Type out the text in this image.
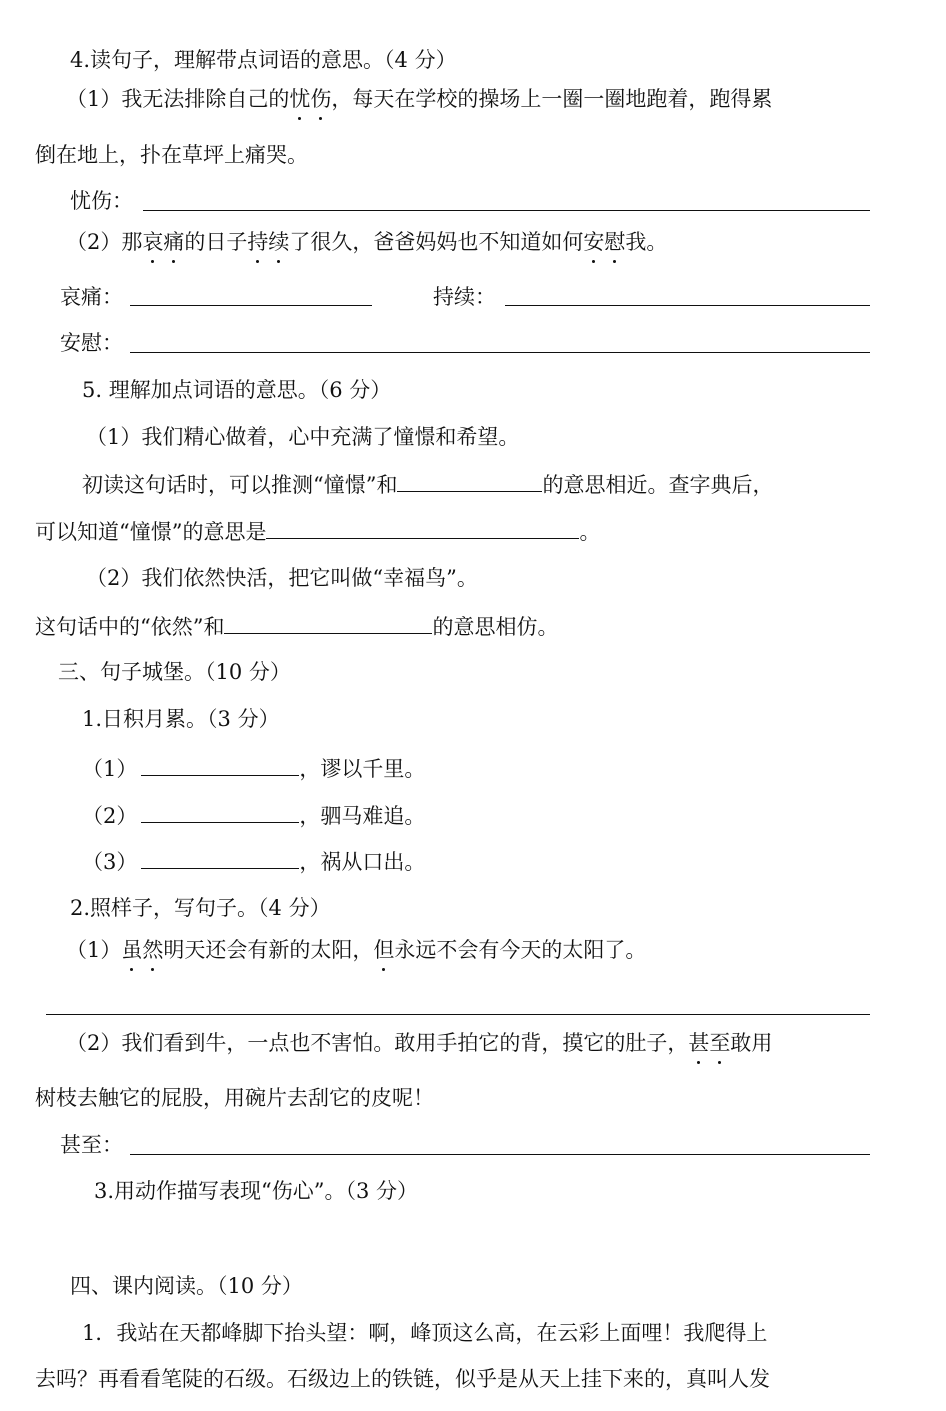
4.读句子，理解带点词语的意思。（4 分）
（1）我无法排除自己的忧伤，每天在学校的操场上一圈一圈地跑着，跑得累
倒在地上，扑在草坪上痛哭。
忧伤：
（2）那哀痛的日子持续了很久，爸爸妈妈也不知道如何安慰我。
哀痛：	持续：
安慰：
5. 理解加点词语的意思。（6 分）
（1）我们精心做着，心中充满了憧憬和希望。
初读这句话时，可以推测“憧憬”和	的意思相近。查字典后，
可以知道“憧憬”的意思是	。
（2）我们依然快活，把它叫做“幸福鸟”。
这句话中的“依然”和	的意思相仿。
三、句子城堡。（10 分）
1.日积月累。（3 分）
（1）	，谬以千里。
（2）	，驷马难追。
（3）	，祸从口出。
2.照样子，写句子。（4 分）
（1）虽然明天还会有新的太阳，但永远不会有今天的太阳了。
（2）我们看到牛，一点也不害怕。敢用手拍它的背，摸它的肚子，甚至敢用
树枝去触它的屁股，用碗片去刮它的皮呢！
甚至：
3.用动作描写表现“伤心”。（3 分）
四、课内阅读。（10 分）
1．我站在天都峰脚下抬头望：啊，峰顶这么高，在云彩上面哩！我爬得上
去吗？再看看笔陡的石级。石级边上的铁链，似乎是从天上挂下来的，真叫人发
